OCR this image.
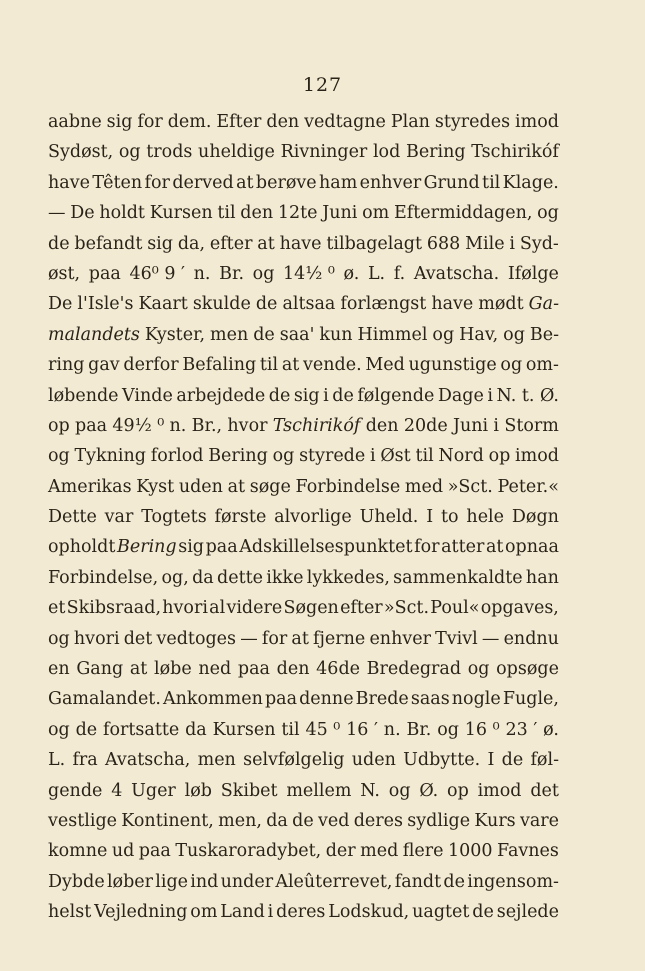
127
aabne sig for dem. Efter den vedtagne Plan styredes imod
Sydøst, og trods uheldige Rivninger lod Bering Tschirikóf
have Têten for derved at berøve ham enhver Grund til Klage.
— De holdt Kursen til den 12te Juni om Eftermiddagen, og
de befandt sig da, efter at have tilbagelagt 688 Mile i Syd-
øst, paa 46⁰ 9 ′ n. Br. og 14½ ⁰ ø. L. f. Avatscha. Ifølge
De l'Isle's Kaart skulde de altsaa forlængst have mødt Ga-
malandets Kyster, men de saa' kun Himmel og Hav, og Be-
ring gav derfor Befaling til at vende. Med ugunstige og om-
løbende Vinde arbejdede de sig i de følgende Dage i N. t. Ø.
op paa 49½ ⁰ n. Br., hvor Tschirikóf den 20de Juni i Storm
og Tykning forlod Bering og styrede i Øst til Nord op imod
Amerikas Kyst uden at søge Forbindelse med »Sct. Peter.«
Dette var Togtets første alvorlige Uheld. I to hele Døgn
opholdt Bering sig paa Adskillelsespunktet for atter at opnaa
Forbindelse, og, da dette ikke lykkedes, sammenkaldte han
et Skibsraad, hvori al videre Søgen efter »Sct. Poul« opgaves,
og hvori det vedtoges — for at fjerne enhver Tvivl — endnu
en Gang at løbe ned paa den 46de Bredegrad og opsøge
Gamalandet. Ankommen paa denne Brede saas nogle Fugle,
og de fortsatte da Kursen til 45 ⁰ 16 ′ n. Br. og 16 ⁰ 23 ′ ø.
L. fra Avatscha, men selvfølgelig uden Udbytte. I de føl-
gende 4 Uger løb Skibet mellem N. og Ø. op imod det
vestlige Kontinent, men, da de ved deres sydlige Kurs vare
komne ud paa Tuskaroradybet, der med flere 1000 Favnes
Dybde løber lige ind under Aleûterrevet, fandt de ingensom-
helst Vejledning om Land i deres Lodskud, uagtet de sejlede
